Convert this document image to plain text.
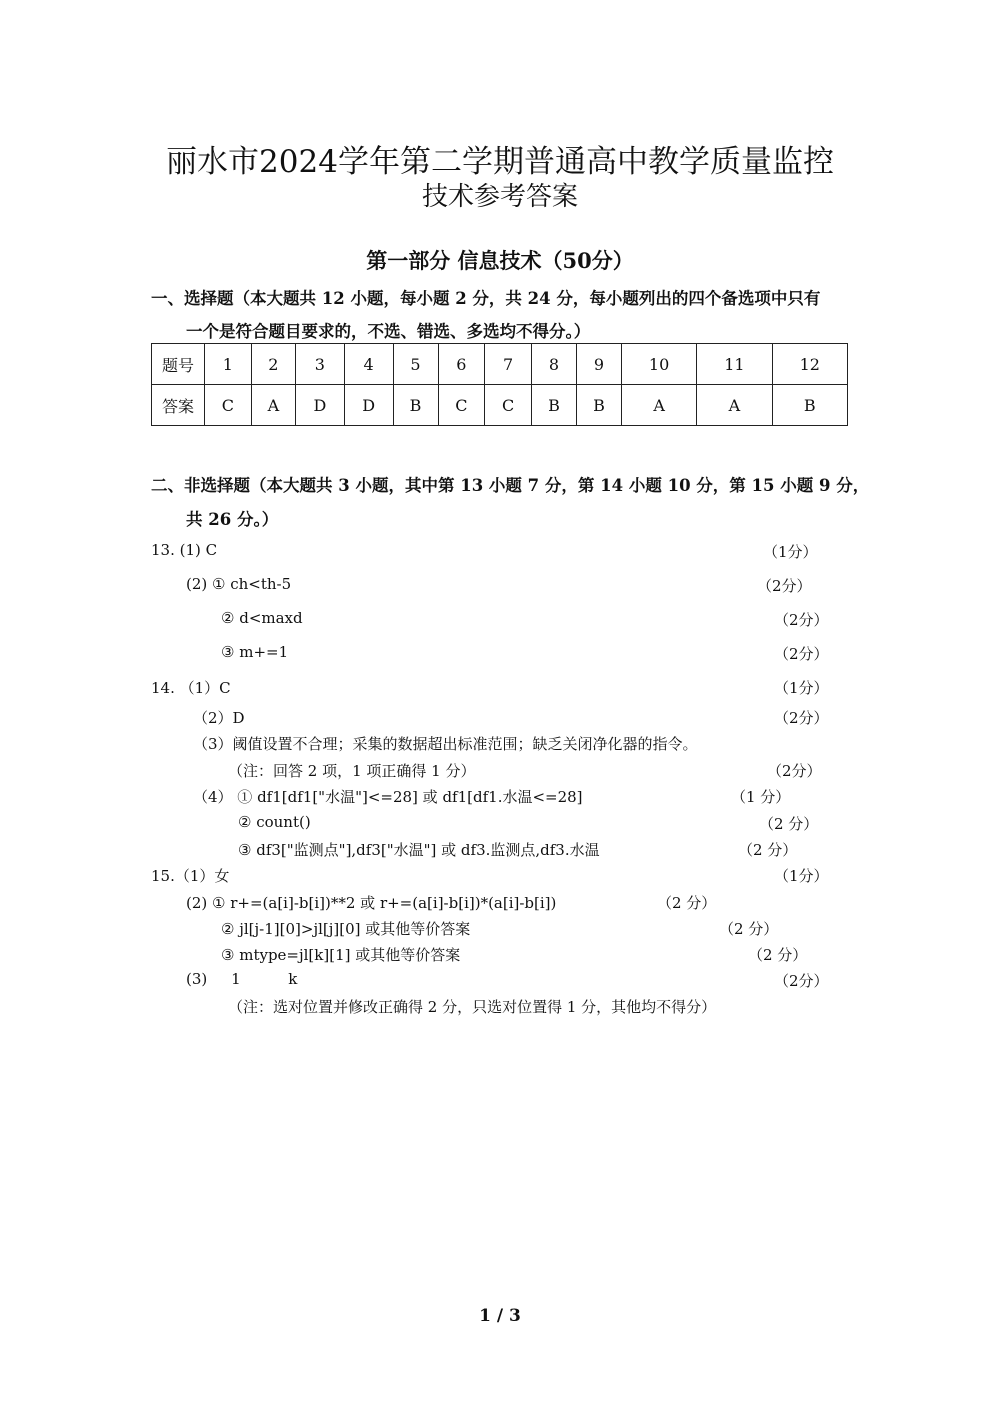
丽水市2024学年第二学期普通高中教学质量监控
技术参考答案
第一部分 信息技术（50分）
一、选择题（本大题共 12 小题，每小题 2 分，共 24 分，每小题列出的四个备选项中只有
一个是符合题目要求的，不选、错选、多选均不得分。）
题号	1	2	3	4	5	6	7	8	9	10	11	12
答案	C	A	D	D	B	C	C	B	B	A	A	B
二、非选择题（本大题共 3 小题，其中第 13 小题 7 分，第 14 小题 10 分，第 15 小题 9 分，
共 26 分。）
13. (1) C	（1分）
(2) ① ch<th-5	（2分）
② d<maxd	（2分）
③ m+=1	（2分）
14. （1）C	（1分）
（2）D	（2分）
（3）阈值设置不合理；采集的数据超出标准范围；缺乏关闭净化器的指令。
（注：回答 2 项，1 项正确得 1 分）	（2分）
（4） ① df1[df1["水温"]<=28] 或 df1[df1.水温<=28]	（1 分）
② count()	（2 分）
③ df3["监测点"],df3["水温"] 或 df3.监测点,df3.水温	（2 分）
15.（1）女	（1分）
(2) ① r+=(a[i]-b[i])**2 或 r+=(a[i]-b[i])*(a[i]-b[i])	（2 分）
② jl[j-1][0]>jl[j][0] 或其他等价答案	（2 分）
③ mtype=jl[k][1] 或其他等价答案	（2 分）
(3)     1          k	（2分）
（注：选对位置并修改正确得 2 分，只选对位置得 1 分，其他均不得分）
1 / 3
